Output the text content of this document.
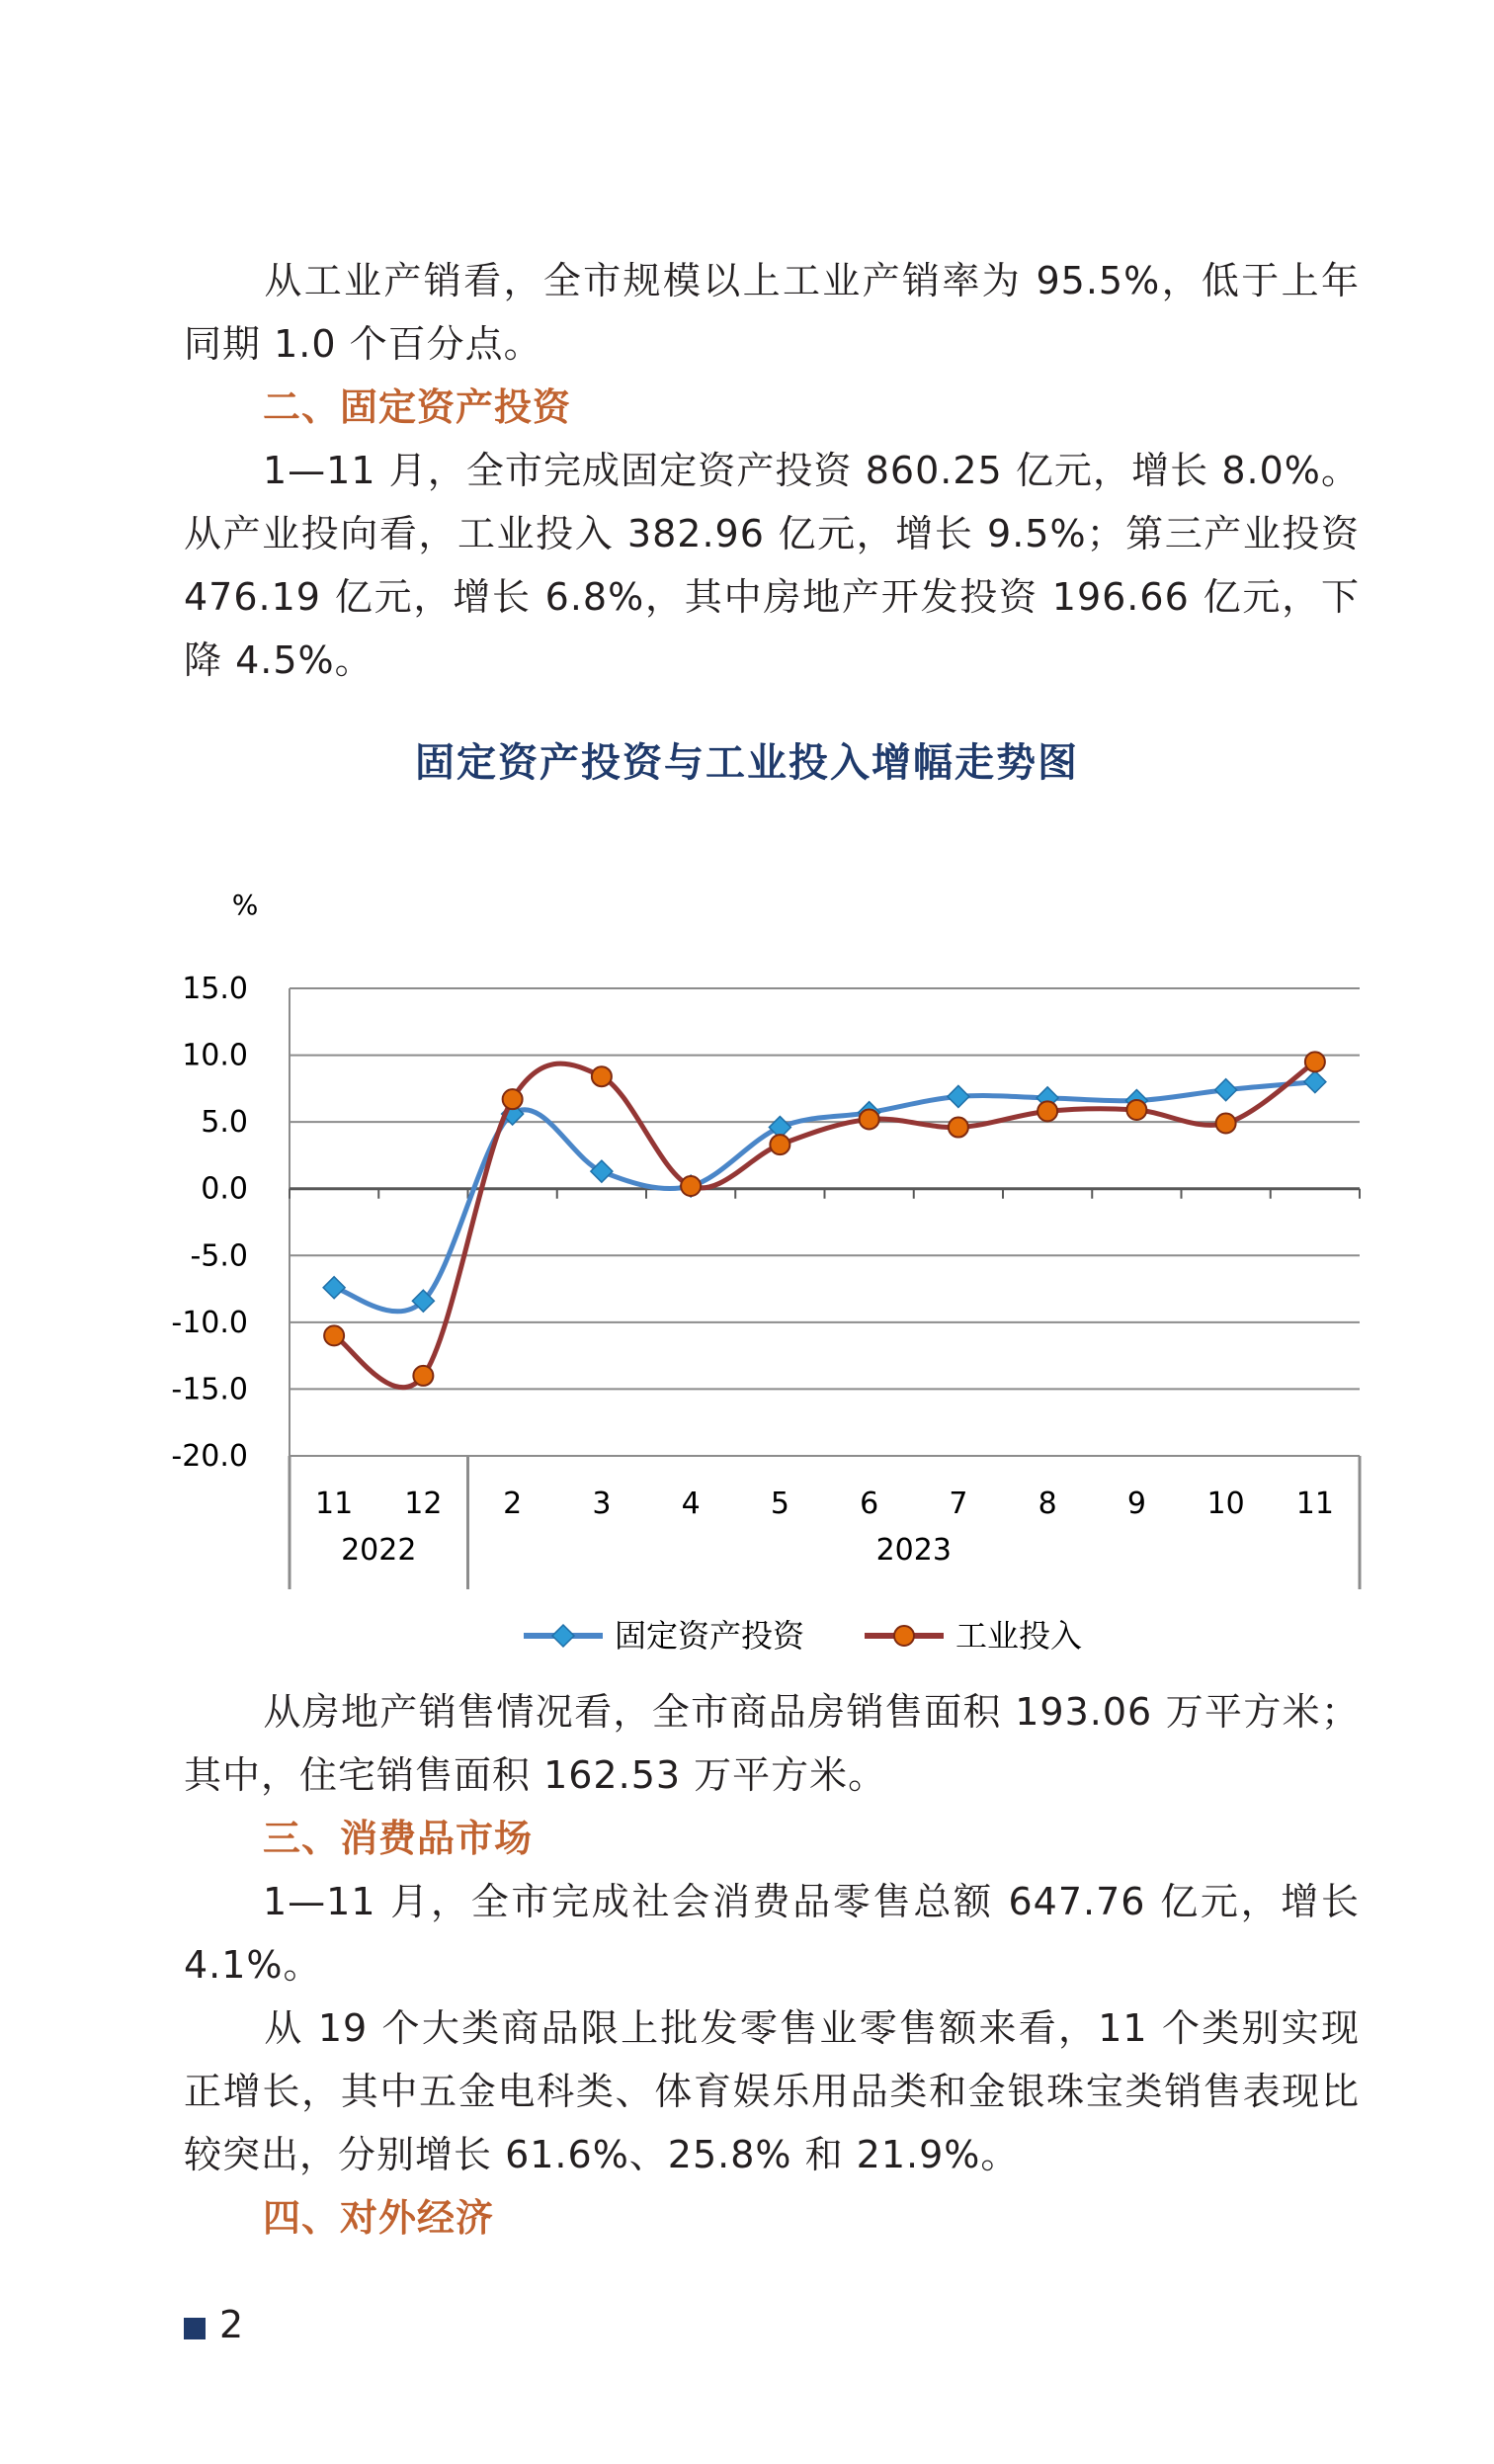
从工业产销看，全市规模以上工业产销率为 95.5%，低于上年同期 1.0 个百分点。

二、固定资产投资

1—11 月，全市完成固定资产投资 860.25 亿元，增长 8.0%。从产业投向看，工业投入 382.96 亿元，增长 9.5%；第三产业投资 476.19 亿元，增长 6.8%，其中房地产开发投资 196.66 亿元，下降 4.5%。

固定资产投资与工业投入增幅走势图
15.0
10.0
5.0
0.0
-5.0
-10.0
-15.0
-20.0
%
11 12 2 3 4 5 6 7 8 9 10 11
2022	2023
固定资产投资	工业投入

从房地产销售情况看，全市商品房销售面积 193.06 万平方米；其中，住宅销售面积 162.53 万平方米。

三、消费品市场

1—11 月，全市完成社会消费品零售总额 647.76 亿元，增长 4.1%。

从 19 个大类商品限上批发零售业零售额来看，11 个类别实现正增长，其中五金电科类、体育娱乐用品类和金银珠宝类销售表现比较突出，分别增长 61.6%、25.8% 和 21.9%。

四、对外经济

2
